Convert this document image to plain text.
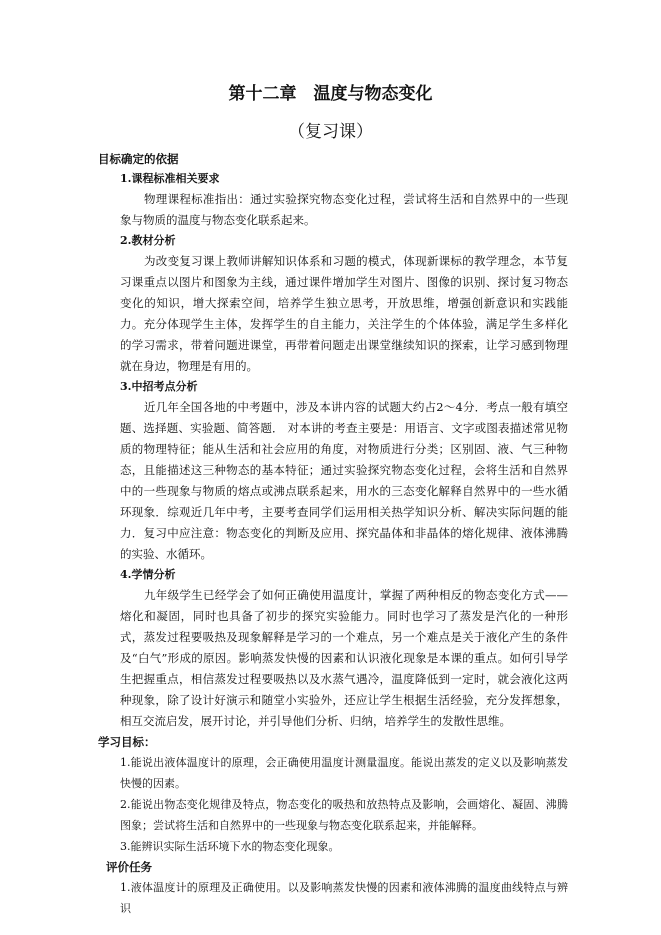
第十二章　温度与物态变化
（复习课）

目标确定的依据

1.课程标准相关要求

物理课程标准指出：通过实验探究物态变化过程，尝试将生活和自然界中的一些现象与物质的温度与物态变化联系起来。

2.教材分析

为改变复习课上教师讲解知识体系和习题的模式，体现新课标的教学理念，本节复习课重点以图片和图象为主线，通过课件增加学生对图片、图像的识别、探讨复习物态变化的知识，增大探索空间，培养学生独立思考，开放思维，增强创新意识和实践能力。充分体现学生主体，发挥学生的自主能力，关注学生的个体体验，满足学生多样化的学习需求，带着问题进课堂，再带着问题走出课堂继续知识的探索，让学习感到物理就在身边，物理是有用的。

3.中招考点分析

近几年全国各地的中考题中，涉及本讲内容的试题大约占2～4分．考点一般有填空题、选择题、实验题、简答题． 对本讲的考查主要是：用语言、文字或图表描述常见物质的物理特征；能从生活和社会应用的角度，对物质进行分类；区别固、液、气三种物态，且能描述这三种物态的基本特征；通过实验探究物态变化过程，会将生活和自然界中的一些现象与物质的熔点或沸点联系起来，用水的三态变化解释自然界中的一些水循环现象．综观近几年中考，主要考查同学们运用相关热学知识分析、解决实际问题的能力．复习中应注意：物态变化的判断及应用、探究晶体和非晶体的熔化规律、液体沸腾的实验、水循环。

4.学情分析

九年级学生已经学会了如何正确使用温度计，掌握了两种相反的物态变化方式——熔化和凝固，同时也具备了初步的探究实验能力。同时也学习了蒸发是汽化的一种形式，蒸发过程要吸热及现象解释是学习的一个难点，另一个难点是关于液化产生的条件及“白气”形成的原因。影响蒸发快慢的因素和认识液化现象是本课的重点。如何引导学生把握重点，相信蒸发过程要吸热以及水蒸气遇冷，温度降低到一定时，就会液化这两种现象，除了设计好演示和随堂小实验外，还应让学生根据生活经验，充分发挥想象，相互交流启发，展开讨论，并引导他们分析、归纳，培养学生的发散性思维。

学习目标：

1.能说出液体温度计的原理，会正确使用温度计测量温度。能说出蒸发的定义以及影响蒸发快慢的因素。

2.能说出物态变化规律及特点，物态变化的吸热和放热特点及影响，会画熔化、凝固、沸腾图象；尝试将生活和自然界中的一些现象与物态变化联系起来，并能解释。

3.能辨识实际生活环境下水的物态变化现象。

评价任务

1.液体温度计的原理及正确使用。以及影响蒸发快慢的因素和液体沸腾的温度曲线特点与辨识
